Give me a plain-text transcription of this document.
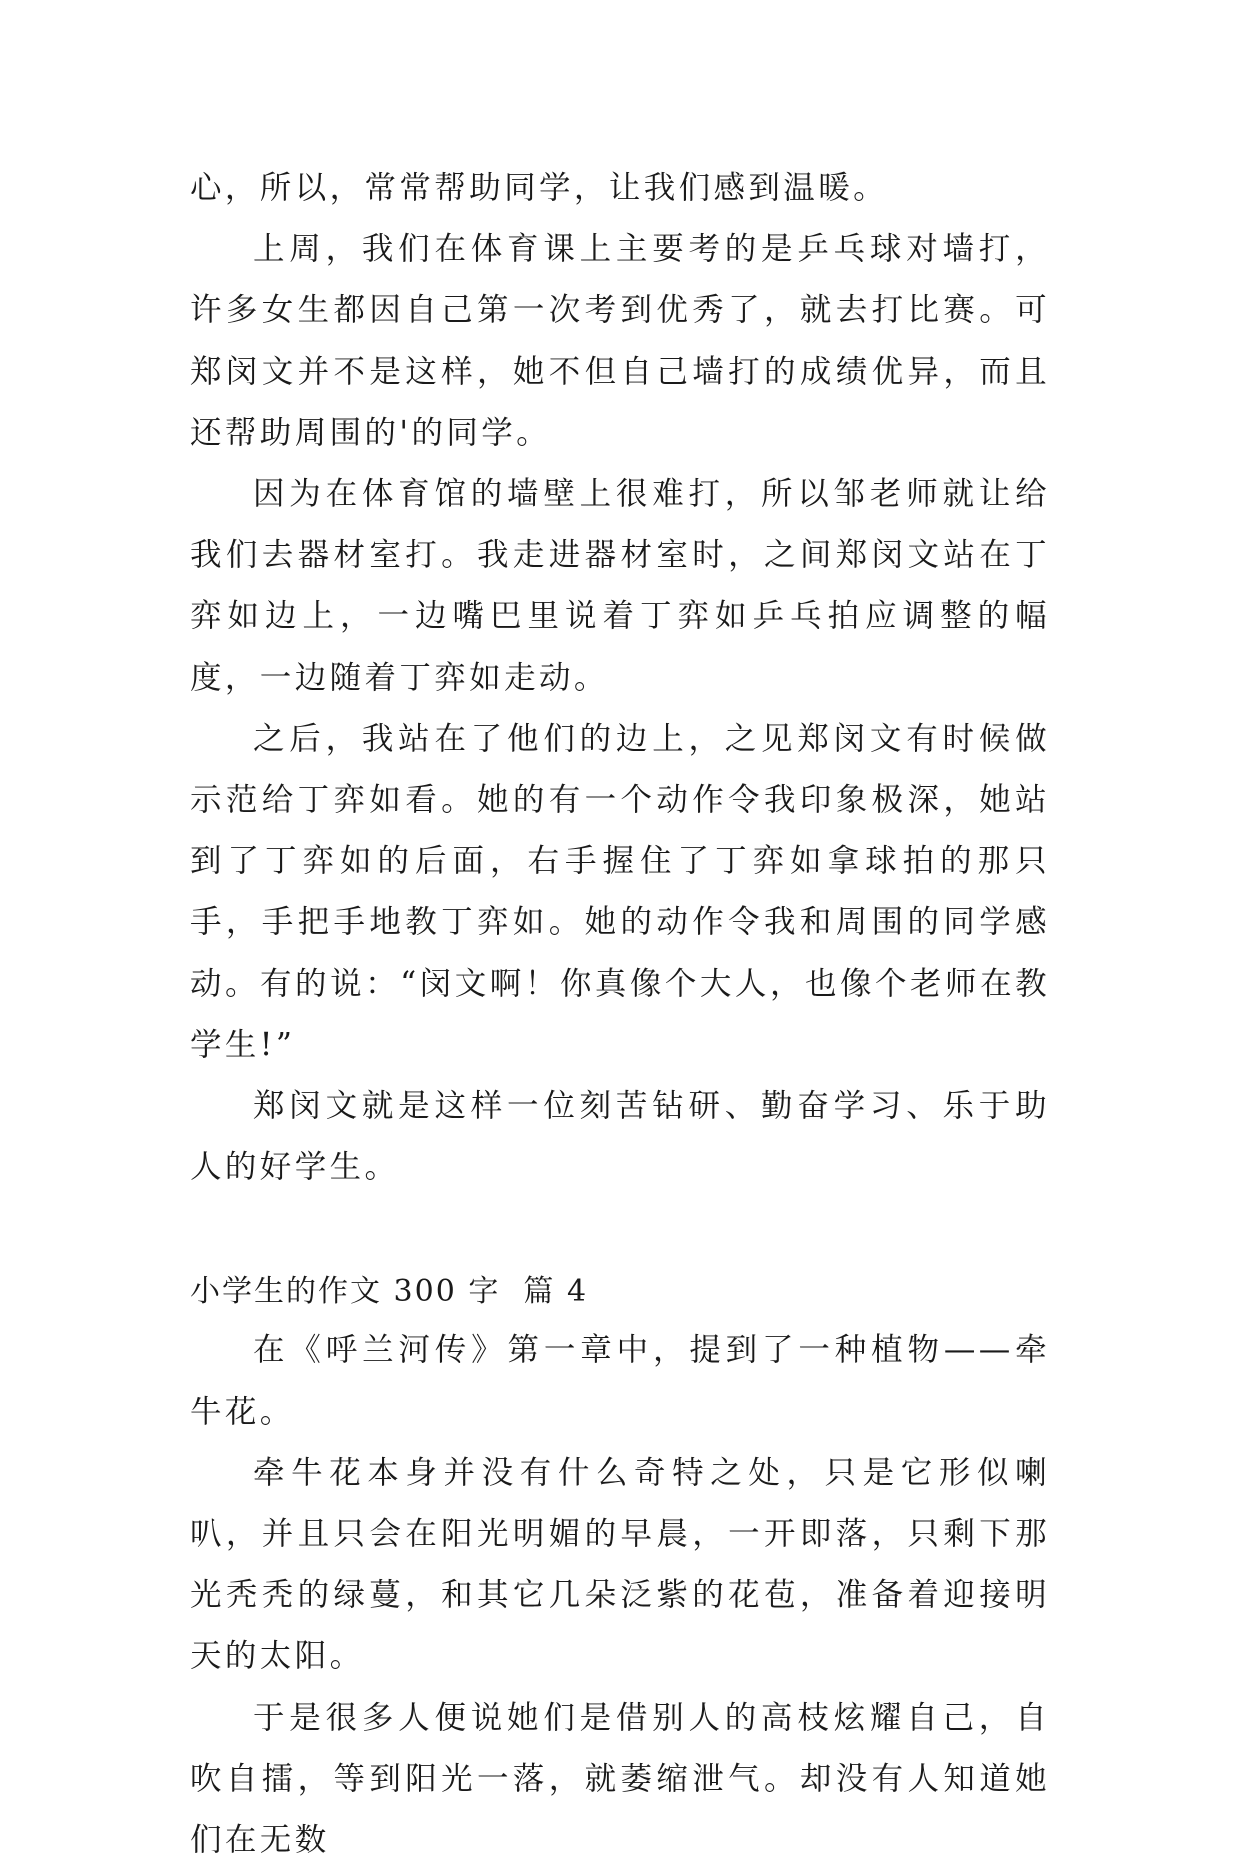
心，所以，常常帮助同学，让我们感到温暖。

上周，我们在体育课上主要考的是乒乓球对墙打，许多女生都因自己第一次考到优秀了，就去打比赛。可郑闵文并不是这样，她不但自己墙打的成绩优异，而且还帮助周围的'的同学。

因为在体育馆的墙壁上很难打，所以邹老师就让给我们去器材室打。我走进器材室时，之间郑闵文站在丁弈如边上，一边嘴巴里说着丁弈如乒乓拍应调整的幅度，一边随着丁弈如走动。

之后，我站在了他们的边上，之见郑闵文有时候做示范给丁弈如看。她的有一个动作令我印象极深，她站到了丁弈如的后面，右手握住了丁弈如拿球拍的那只手，手把手地教丁弈如。她的动作令我和周围的同学感动。有的说：“闵文啊！你真像个大人，也像个老师在教学生!”

郑闵文就是这样一位刻苦钻研、勤奋学习、乐于助人的好学生。

小学生的作文 300 字  篇 4

在《呼兰河传》第一章中，提到了一种植物——牵牛花。

牵牛花本身并没有什么奇特之处，只是它形似喇叭，并且只会在阳光明媚的早晨，一开即落，只剩下那光秃秃的绿蔓，和其它几朵泛紫的花苞，准备着迎接明天的太阳。

于是很多人便说她们是借别人的高枝炫耀自己，自吹自擂，等到阳光一落，就萎缩泄气。却没有人知道她们在无数
